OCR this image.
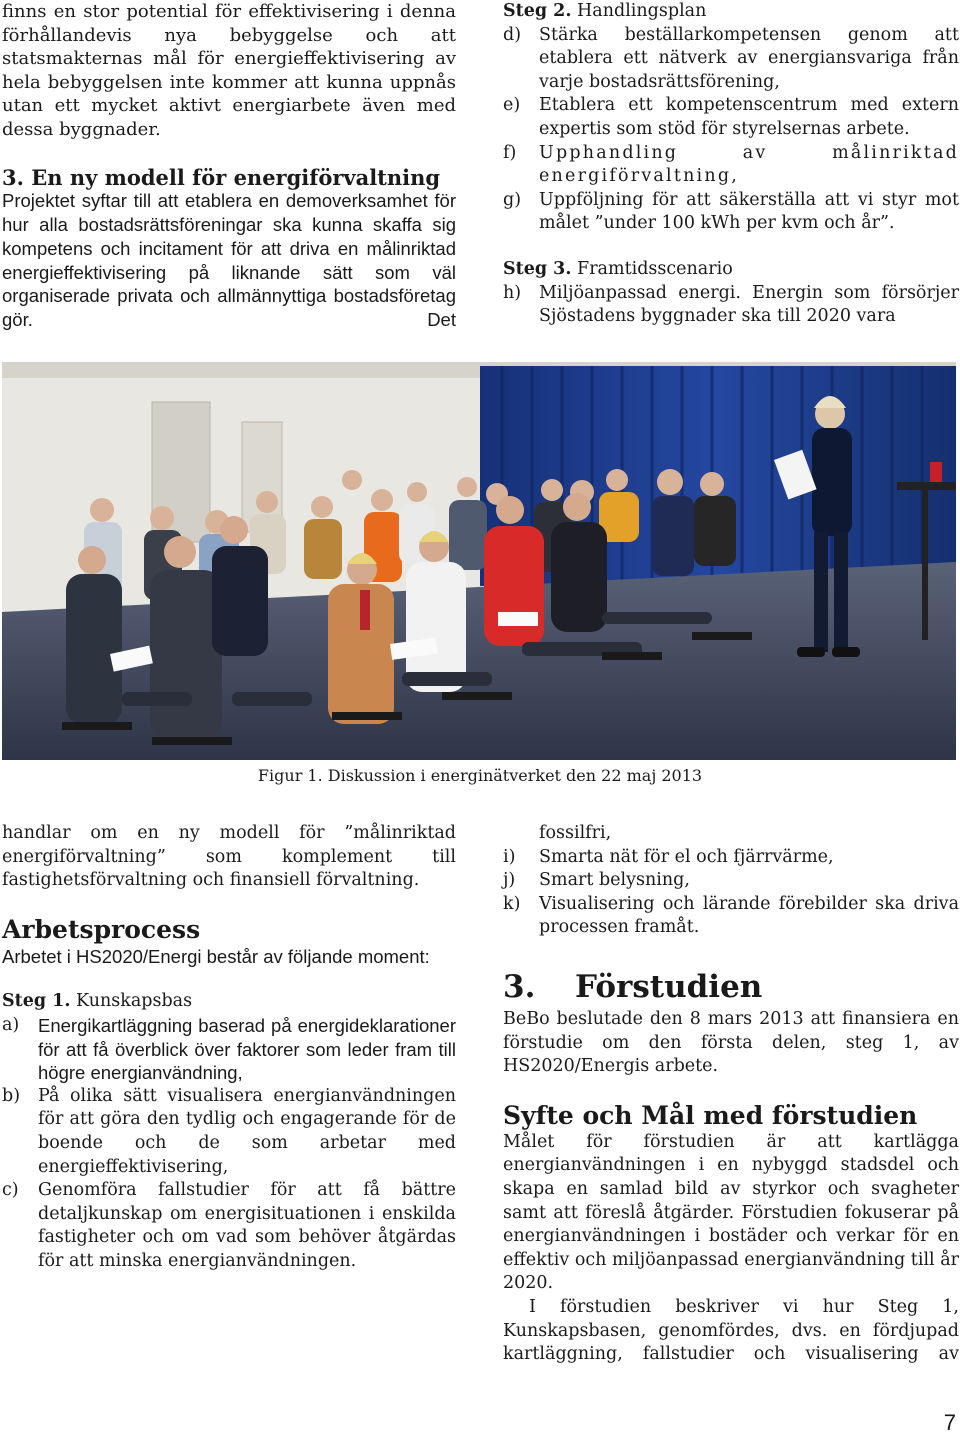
finns en stor potential för effektivisering i denna förhållandevis nya bebyggelse och att statsmakternas mål för energieffektivisering av hela bebyggelsen inte kommer att kunna uppnås utan ett mycket aktivt energiarbete även med dessa byggnader.

3. En ny modell för energiförvaltning

Projektet syftar till att etablera en demoverksamhet för hur alla bostadsrättsföreningar ska kunna skaffa sig kompetens och incitament för att driva en målinriktad energieffektivisering på liknande sätt som väl organiserade privata och allmännyttiga bostadsföretag gör. Det

Steg 2. Handlingsplan

d)	Stärka beställarkompetensen genom att etablera ett nätverk av energiansvariga från varje bostadsrättsförening,
e)	Etablera ett kompetenscentrum med extern expertis som stöd för styrelsernas arbete.
f)	Upphandling av målinriktad energiförvaltning,
g)	Uppföljning för att säkerställa att vi styr mot målet ”under 100 kWh per kvm och år”.

Steg 3. Framtidsscenario

h)	Miljöanpassad energi. Energin som försörjer Sjöstadens byggnader ska till 2020 vara
Figur 1. Diskussion i energinätverket den 22 maj 2013

handlar om en ny modell för ”målinriktad energiförvaltning” som komplement till fastighetsförvaltning och finansiell förvaltning.

Arbetsprocess

Arbetet i HS2020/Energi består av följande moment:

Steg 1. Kunskapsbas

a)	Energikartläggning baserad på energideklarationer för att få överblick över faktorer som leder fram till högre energianvändning,
b)	På olika sätt visualisera energianvändningen för att göra den tydlig och engagerande för de boende och de som arbetar med energieffektivisering,
c)	Genomföra fallstudier för att få bättre detaljkunskap om energisituationen i enskilda fastigheter och om vad som behöver åtgärdas för att minska energianvändningen.

fossilfri,

i)	Smarta nät för el och fjärrvärme,
j)	Smart belysning,
k)	Visualisering och lärande förebilder ska driva processen framåt.

3.	Förstudien

BeBo beslutade den 8 mars 2013 att finansiera en förstudie om den första delen, steg 1, av HS2020/Energis arbete.

Syfte och Mål med förstudien

Målet för förstudien är att kartlägga energianvändningen i en nybyggd stadsdel och skapa en samlad bild av styrkor och svagheter samt att föreslå åtgärder. Förstudien fokuserar på energianvändningen i bostäder och verkar för en effektiv och miljöanpassad energianvändning till år 2020.

I förstudien beskriver vi hur Steg 1, Kunskapsbasen, genomfördes, dvs. en fördjupad kartläggning, fallstudier och visualisering av

7
